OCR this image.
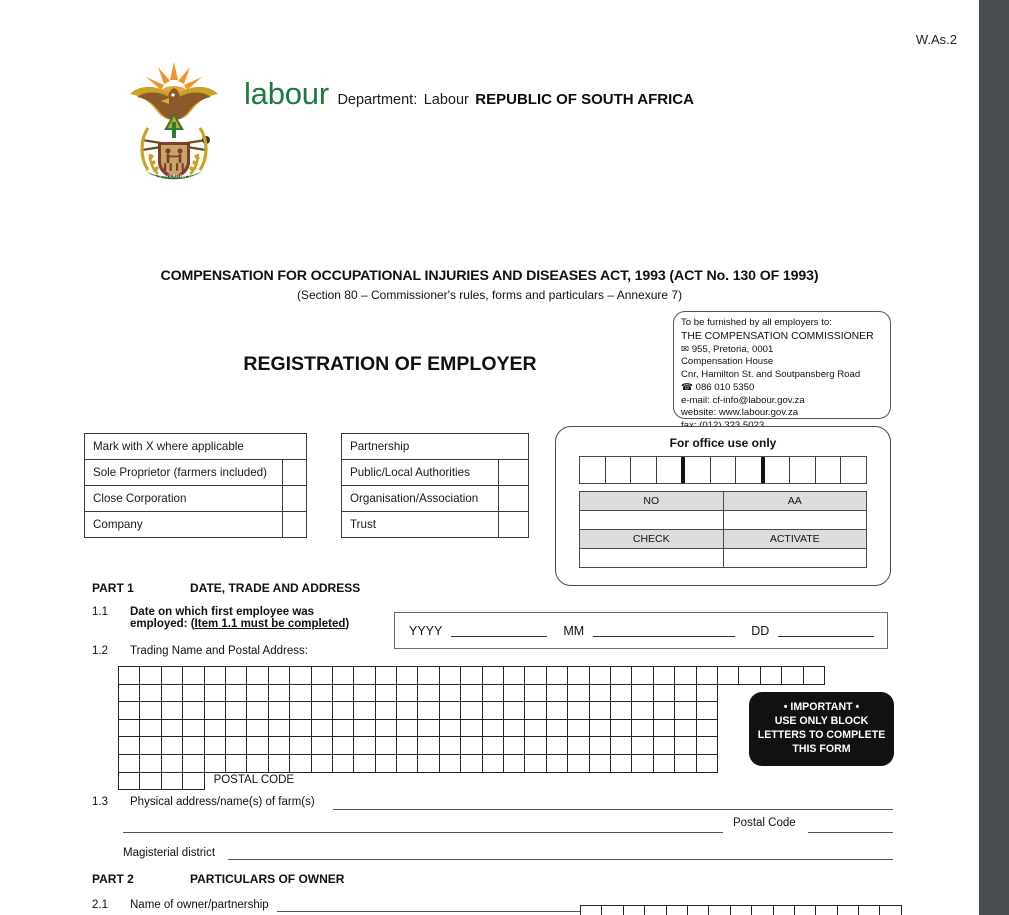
W.As.2
!KE E: /XARRA //KE
labour Department: Labour REPUBLIC OF SOUTH AFRICA
COMPENSATION FOR OCCUPATIONAL INJURIES AND DISEASES ACT, 1993 (ACT No. 130 OF 1993)
(Section 80 – Commissioner's rules, forms and particulars – Annexure 7)
REGISTRATION OF EMPLOYER
To be furnished by all employers to:
THE COMPENSATION COMMISSIONER
✉ 955, Pretoria, 0001
Compensation House
Cnr, Hamilton St. and Soutpansberg Road
☎ 086 010 5350
e-mail: cf-info@labour.gov.za
website: www.labour.gov.za
Mark with X where applicable	
Sole Proprietor (farmers included)	
Close Corporation	
Company	
Partnership	
Public/Local Authorities	
Organisation/Association	
Trust	
For office use only
NO	AA

CHECK	ACTIVATE

PART 1	DATE, TRADE AND ADDRESS
1.1 Date on which first employee was
employed: (Item 1.1 must be completed)	YYYY	MM	DD
1.2 Trading Name and Postal Address:
POSTAL CODE
• IMPORTANT •
USE ONLY BLOCK
LETTERS TO COMPLETE
THIS FORM
1.3 Physical address/name(s) of farm(s)
Postal Code
Magisterial district
PART 2	PARTICULARS OF OWNER
2.1 Name of owner/partnership
